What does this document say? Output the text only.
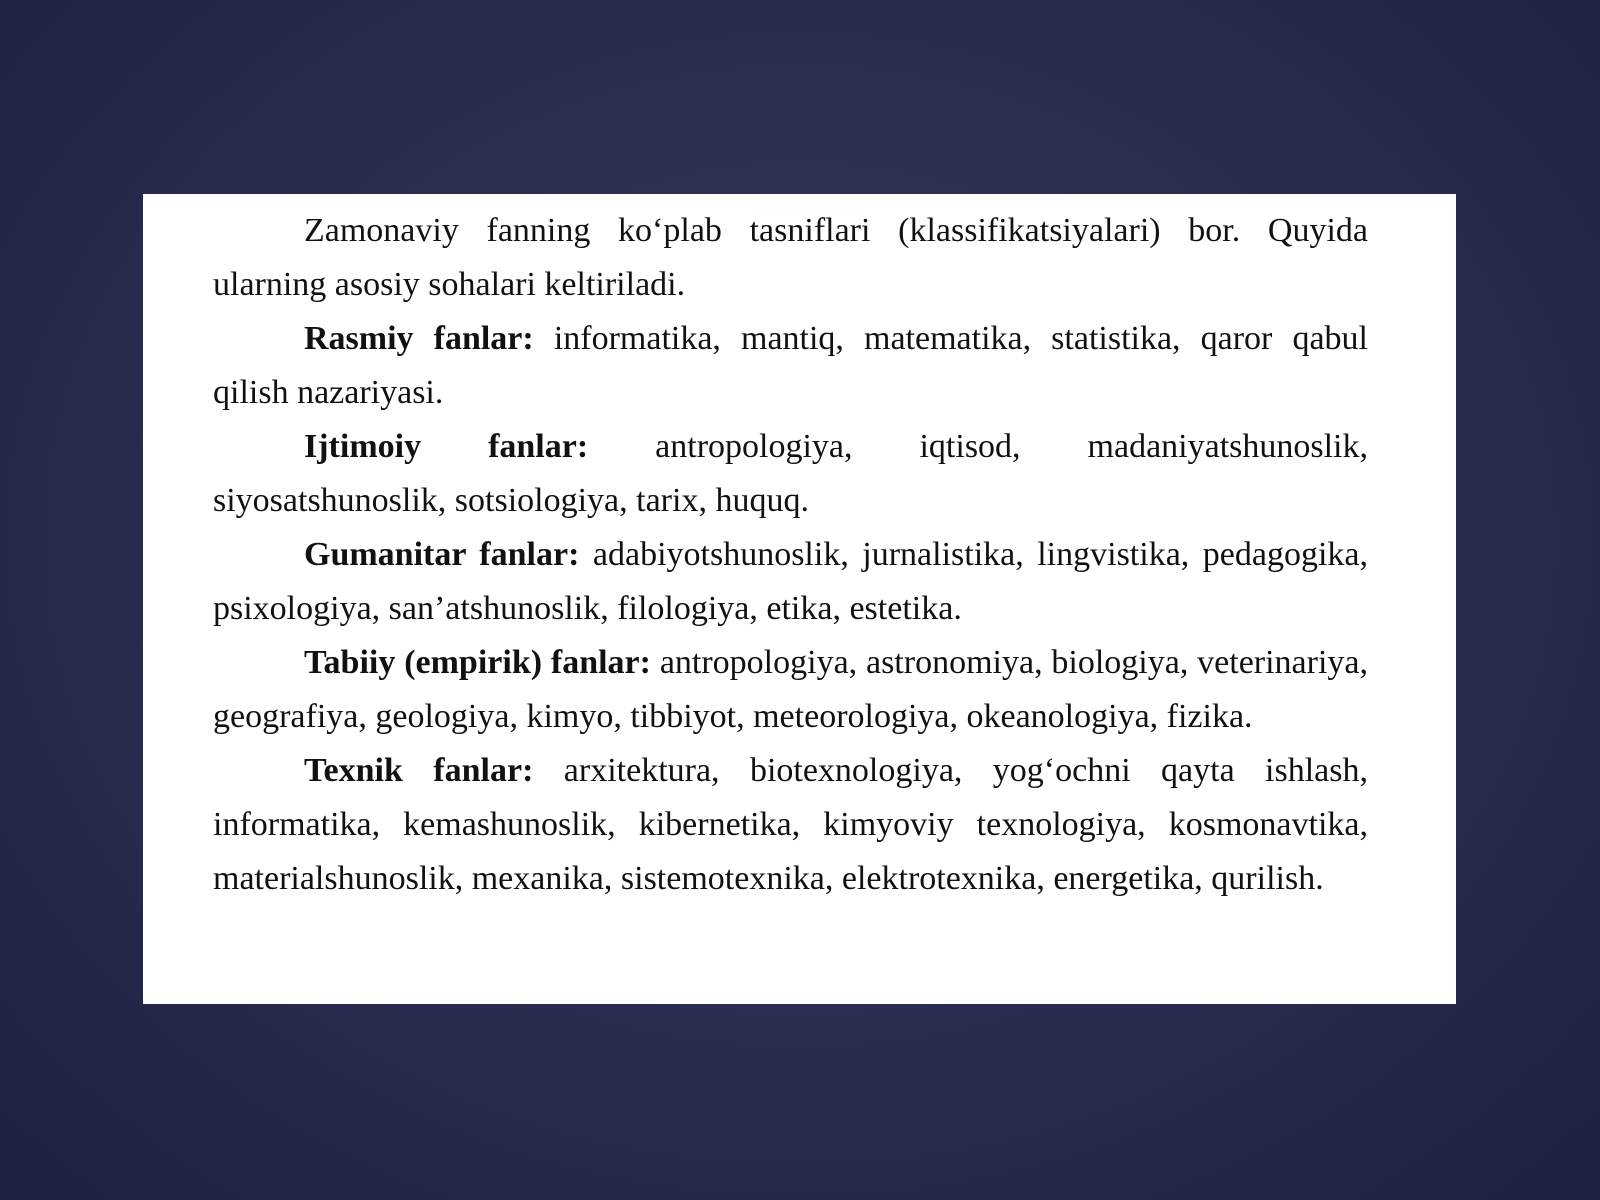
Zamonaviy fanning ko‘plab tasniflari (klassifikatsiyalari) bor. Quyida ularning asosiy sohalari keltiriladi.

Rasmiy fanlar: informatika, mantiq, matematika, statistika, qaror qabul qilish nazariyasi.

Ijtimoiy fanlar: antropologiya, iqtisod, madaniyatshunoslik, siyosatshunoslik, sotsiologiya, tarix, huquq.

Gumanitar fanlar: adabiyotshunoslik, jurnalistika, lingvistika, pedagogika, psixologiya, san’atshunoslik, filologiya, etika, estetika.

Tabiiy (empirik) fanlar: antropologiya, astronomiya, biologiya, veterinariya, geografiya, geologiya, kimyo, tibbiyot, meteorologiya, okeanologiya, fizika.

Texnik fanlar: arxitektura, biotexnologiya, yog‘ochni qayta ishlash, informatika, kemashunoslik, kibernetika, kimyoviy texnologiya, kosmonavtika, materialshunoslik, mexanika, sistemotexnika, elektrotexnika, energetika, qurilish.
